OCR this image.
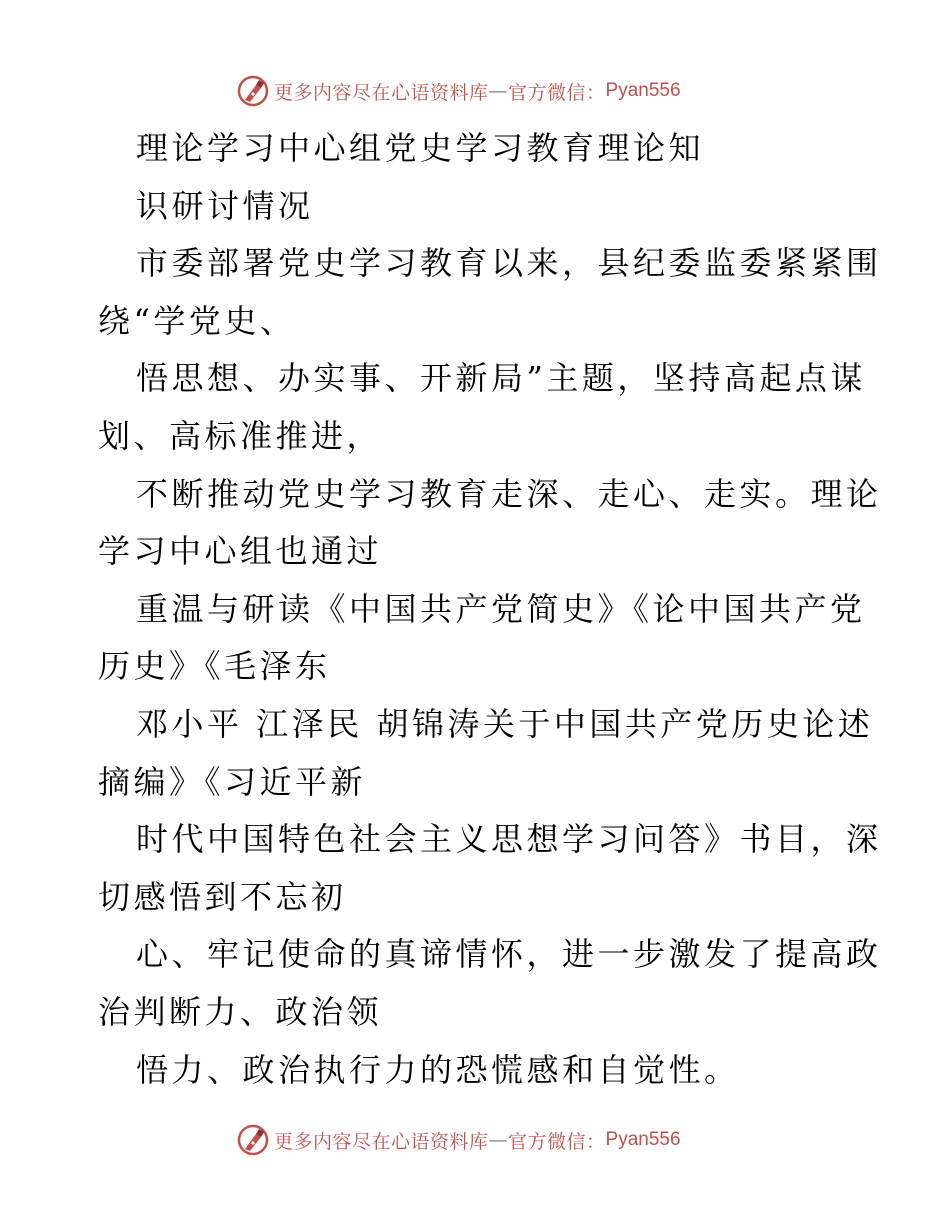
更多内容尽在心语资料库 — 官方微信： Pyan556
理论学习中心组党史学习教育理论知
识研讨情况
市委部署党史学习教育以来，县纪委监委紧紧围
绕“学党史、
悟思想、办实事、开新局”主题，坚持高起点谋
划、高标准推进，
不断推动党史学习教育走深、走心、走实。理论
学习中心组也通过
重温与研读《中国共产党简史》《论中国共产党
历史》《毛泽东
邓小平 江泽民 胡锦涛关于中国共产党历史论述
摘编》《习近平新
时代中国特色社会主义思想学习问答》书目，深
切感悟到不忘初
心、牢记使命的真谛情怀，进一步激发了提高政
治判断力、政治领
悟力、政治执行力的恐慌感和自觉性。
更多内容尽在心语资料库 — 官方微信： Pyan556
